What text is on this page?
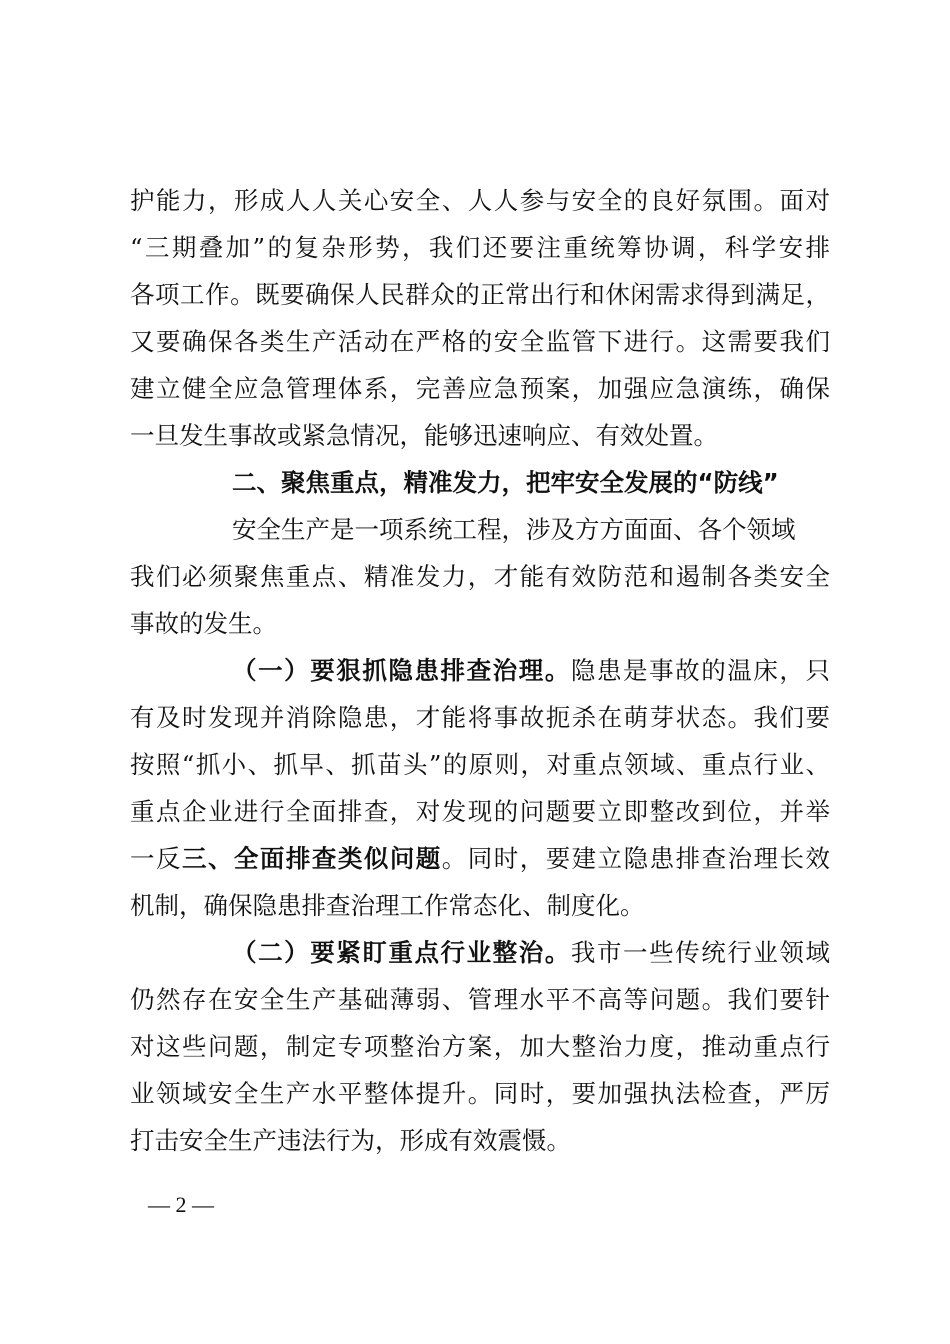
护能力，形成人人关心安全、人人参与安全的良好氛围。面对
“三期叠加”的复杂形势，我们还要注重统筹协调，科学安排
各项工作。既要确保人民群众的正常出行和休闲需求得到满足，
又要确保各类生产活动在严格的安全监管下进行。这需要我们
建立健全应急管理体系，完善应急预案，加强应急演练，确保
一旦发生事故或紧急情况，能够迅速响应、有效处置。
二、聚焦重点，精准发力，把牢安全发展的“防线”
安全生产是一项系统工程，涉及方方面面、各个领域
我们必须聚焦重点、精准发力，才能有效防范和遏制各类安全
事故的发生。
（一）要狠抓隐患排查治理。隐患是事故的温床，只
有及时发现并消除隐患，才能将事故扼杀在萌芽状态。我们要
按照“抓小、抓早、抓苗头”的原则，对重点领域、重点行业、
重点企业进行全面排查，对发现的问题要立即整改到位，并举
一反三、全面排查类似问题。同时，要建立隐患排查治理长效
机制，确保隐患排查治理工作常态化、制度化。
（二）要紧盯重点行业整治。我市一些传统行业领域
仍然存在安全生产基础薄弱、管理水平不高等问题。我们要针
对这些问题，制定专项整治方案，加大整治力度，推动重点行
业领域安全生产水平整体提升。同时，要加强执法检查，严厉
打击安全生产违法行为，形成有效震慑。
— 2 —
